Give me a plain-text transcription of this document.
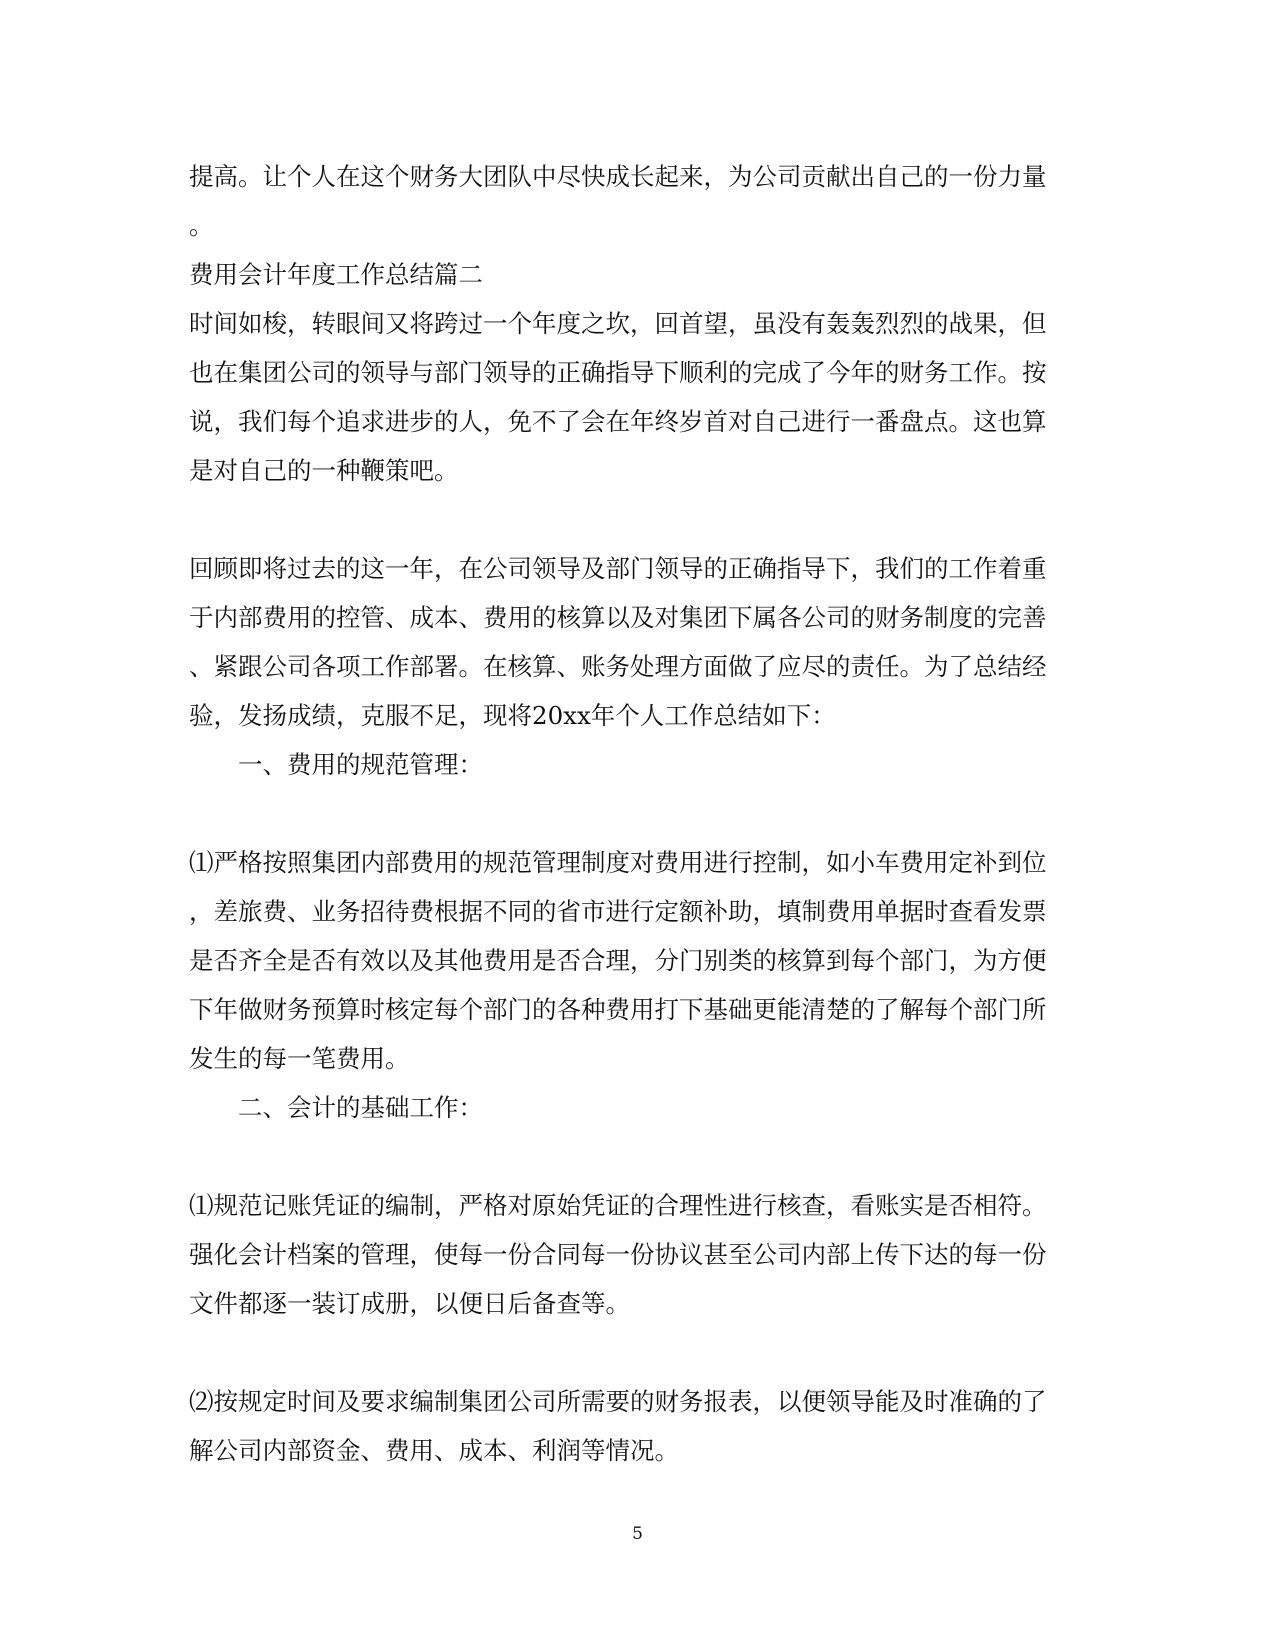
提高。让个人在这个财务大团队中尽快成长起来，为公司贡献出自己的一份力量
。
费用会计年度工作总结篇二
时间如梭，转眼间又将跨过一个年度之坎，回首望，虽没有轰轰烈烈的战果，但
也在集团公司的领导与部门领导的正确指导下顺利的完成了今年的财务工作。按
说，我们每个追求进步的人，免不了会在年终岁首对自己进行一番盘点。这也算
是对自己的一种鞭策吧。
回顾即将过去的这一年，在公司领导及部门领导的正确指导下，我们的工作着重
于内部费用的控管、成本、费用的核算以及对集团下属各公司的财务制度的完善
、紧跟公司各项工作部署。在核算、账务处理方面做了应尽的责任。为了总结经
验，发扬成绩，克服不足，现将20xx年个人工作总结如下：
一、费用的规范管理：
⑴严格按照集团内部费用的规范管理制度对费用进行控制，如小车费用定补到位
，差旅费、业务招待费根据不同的省市进行定额补助，填制费用单据时查看发票
是否齐全是否有效以及其他费用是否合理，分门别类的核算到每个部门，为方便
下年做财务预算时核定每个部门的各种费用打下基础更能清楚的了解每个部门所
发生的每一笔费用。
二、会计的基础工作：
⑴规范记账凭证的编制，严格对原始凭证的合理性进行核查，看账实是否相符。
强化会计档案的管理，使每一份合同每一份协议甚至公司内部上传下达的每一份
文件都逐一装订成册，以便日后备查等。
⑵按规定时间及要求编制集团公司所需要的财务报表，以便领导能及时准确的了
解公司内部资金、费用、成本、利润等情况。
5
